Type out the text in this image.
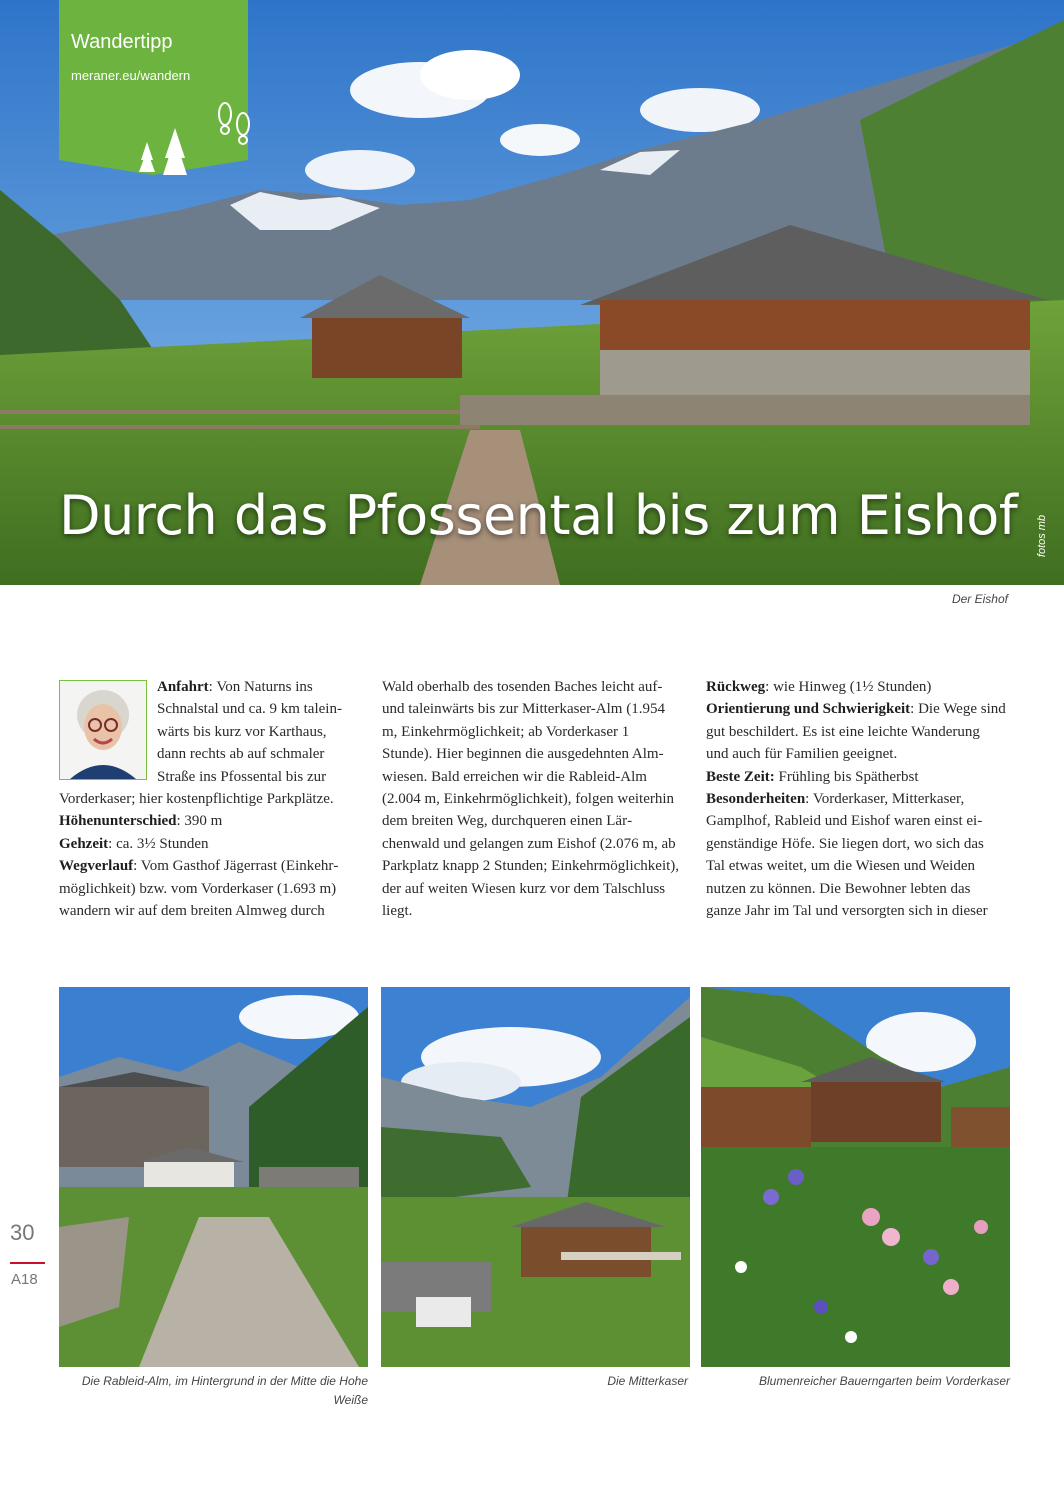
Wandertipp
meraner.eu/wandern
Durch das Pfossental bis zum Eishof fotos mb
Der Eishof

Anfahrt: Von Naturns ins Schnalstal und ca. 9 km taleinwärts bis kurz vor Karthaus, dann rechts ab auf schmaler Straße ins Pfossental bis zur Vorderkaser; hier kostenpflichtige Parkplätze.

Höhenunterschied: 390 m

Gehzeit: ca. 3½ Stunden

Wegverlauf: Vom Gasthof Jägerrast (Einkehrmöglichkeit) bzw. vom Vorderkaser (1.693 m) wandern wir auf dem breiten Almweg durch

Wald oberhalb des tosenden Baches leicht auf- und taleinwärts bis zur Mitterkaser-Alm (1.954 m, Einkehrmöglichkeit; ab Vorderkaser 1 Stunde). Hier beginnen die ausgedehnten Almwiesen. Bald erreichen wir die Rableid-Alm (2.004 m, Einkehrmöglichkeit), folgen weiterhin dem breiten Weg, durchqueren einen Lärchenwald und gelangen zum Eishof (2.076 m, ab Parkplatz knapp 2 Stunden; Einkehrmöglichkeit), der auf weiten Wiesen kurz vor dem Talschluss liegt.

Rückweg: wie Hinweg (1½ Stunden)

Orientierung und Schwierigkeit: Die Wege sind gut beschildert. Es ist eine leichte Wanderung und auch für Familien geeignet.

Beste Zeit: Frühling bis Spätherbst

Besonderheiten: Vorderkaser, Mitterkaser, Gamplhof, Rableid und Eishof waren einst eigenständige Höfe. Sie liegen dort, wo sich das Tal etwas weitet, um die Wiesen und Weiden nutzen zu können. Die Bewohner lebten das ganze Jahr im Tal und versorgten sich in dieser

Die Rableid-Alm, im Hintergrund in der Mitte die Hohe Weiße
Die Mitterkaser	Blumenreicher Bauerngarten beim Vorderkaser
30
A18
